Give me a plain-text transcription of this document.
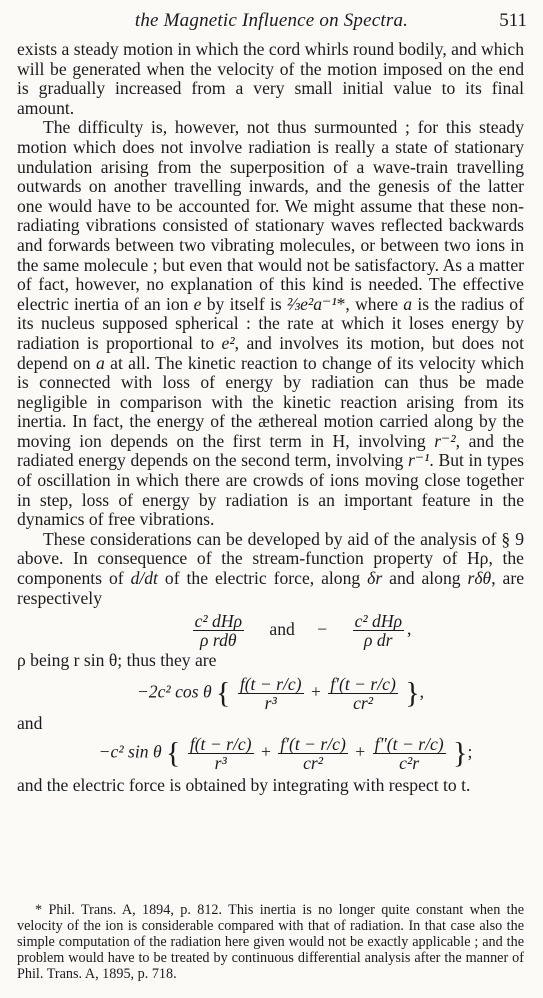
the Magnetic Influence on Spectra.	511

exists a steady motion in which the cord whirls round bodily, and which will be generated when the velocity of the motion imposed on the end is gradually increased from a very small initial value to its final amount.

The difficulty is, however, not thus surmounted ; for this steady motion which does not involve radiation is really a state of stationary undulation arising from the superposition of a wave-train travelling outwards on another travelling inwards, and the genesis of the latter one would have to be accounted for. We might assume that these non-radiating vibrations consisted of stationary waves reflected backwards and forwards between two vibrating molecules, or between two ions in the same molecule ; but even that would not be satisfactory. As a matter of fact, however, no explanation of this kind is needed. The effective electric inertia of an ion e by itself is ⅔e²a⁻¹*, where a is the radius of its nucleus supposed spherical : the rate at which it loses energy by radiation is proportional to e², and involves its motion, but does not depend on a at all. The kinetic reaction to change of its velocity which is connected with loss of energy by radiation can thus be made negligible in comparison with the kinetic reaction arising from its inertia. In fact, the energy of the æthereal motion carried along by the moving ion depends on the first term in H, involving r⁻², and the radiated energy depends on the second term, involving r⁻¹. But in types of oscillation in which there are crowds of ions moving close together in step, loss of energy by radiation is an important feature in the dynamics of free vibrations.

These considerations can be developed by aid of the analysis of § 9 above. In consequence of the stream-function property of Hρ, the components of d/dt of the electric force, along δr and along rδθ, are respectively

$\frac{\text{c² dHρ}}{\text{ρ rdθ}}$ and − $\frac{\text{c² dHρ}}{\text{ρ dr}}$ ,

ρ being r sin θ; thus they are

−2c² cos θ { $\frac{f(t - r/c)}{\text{r³}} + \frac{f'(t - r/c)}{\text{cr²}}$ },

and

−c² sin θ { $\frac{f(t - r/c)}{\text{r³}} + \frac{f'(t - r/c)}{\text{cr²}} + \frac{f''(t - r/c)}{\text{c²r}}$ };

and the electric force is obtained by integrating with respect to t.

* Phil. Trans. A, 1894, p. 812. This inertia is no longer quite constant when the velocity of the ion is considerable compared with that of radiation. In that case also the simple computation of the radiation here given would not be exactly applicable ; and the problem would have to be treated by continuous differential analysis after the manner of Phil. Trans. A, 1895, p. 718.
